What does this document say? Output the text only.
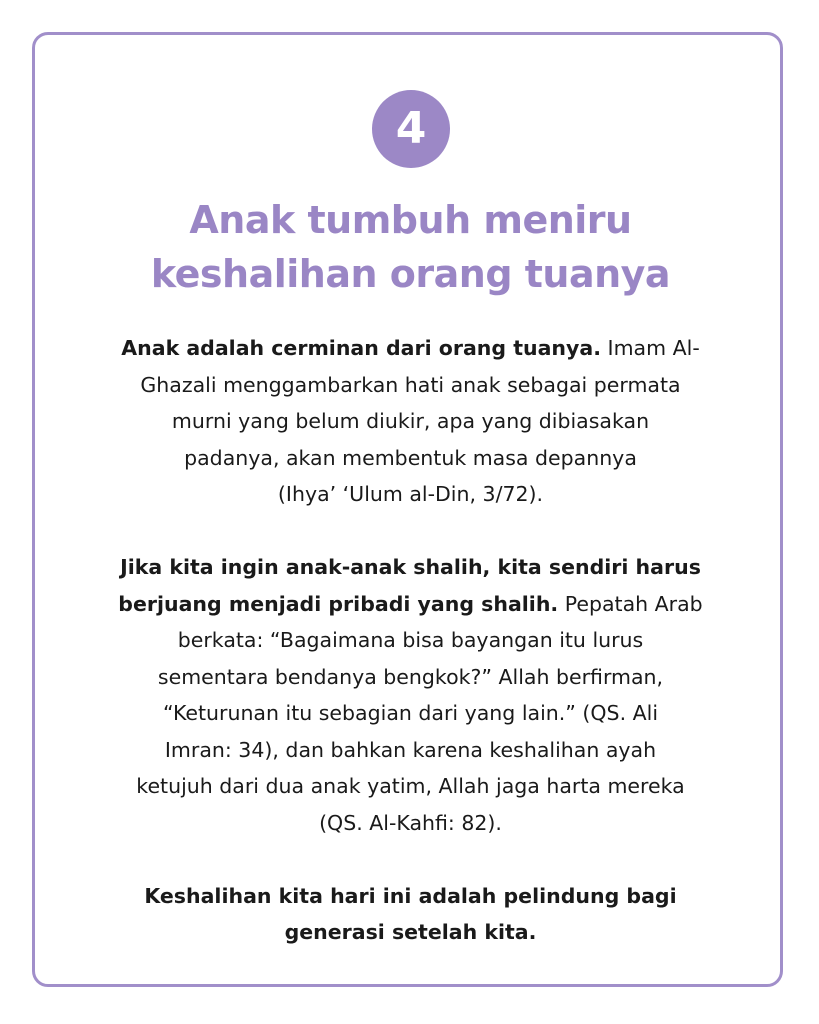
4
Anak tumbuh meniru
keshalihan orang tuanya

Anak adalah cerminan dari orang tuanya. Imam Al-
Ghazali menggambarkan hati anak sebagai permata
murni yang belum diukir, apa yang dibiasakan
padanya, akan membentuk masa depannya
(Ihya’ ‘Ulum al-Din, 3/72).

Jika kita ingin anak-anak shalih, kita sendiri harus
berjuang menjadi pribadi yang shalih. Pepatah Arab
berkata: “Bagaimana bisa bayangan itu lurus
sementara bendanya bengkok?” Allah berfirman,
“Keturunan itu sebagian dari yang lain.” (QS. Ali
Imran: 34), dan bahkan karena keshalihan ayah
ketujuh dari dua anak yatim, Allah jaga harta mereka
(QS. Al-Kahfi: 82).

Keshalihan kita hari ini adalah pelindung bagi
generasi setelah kita.
